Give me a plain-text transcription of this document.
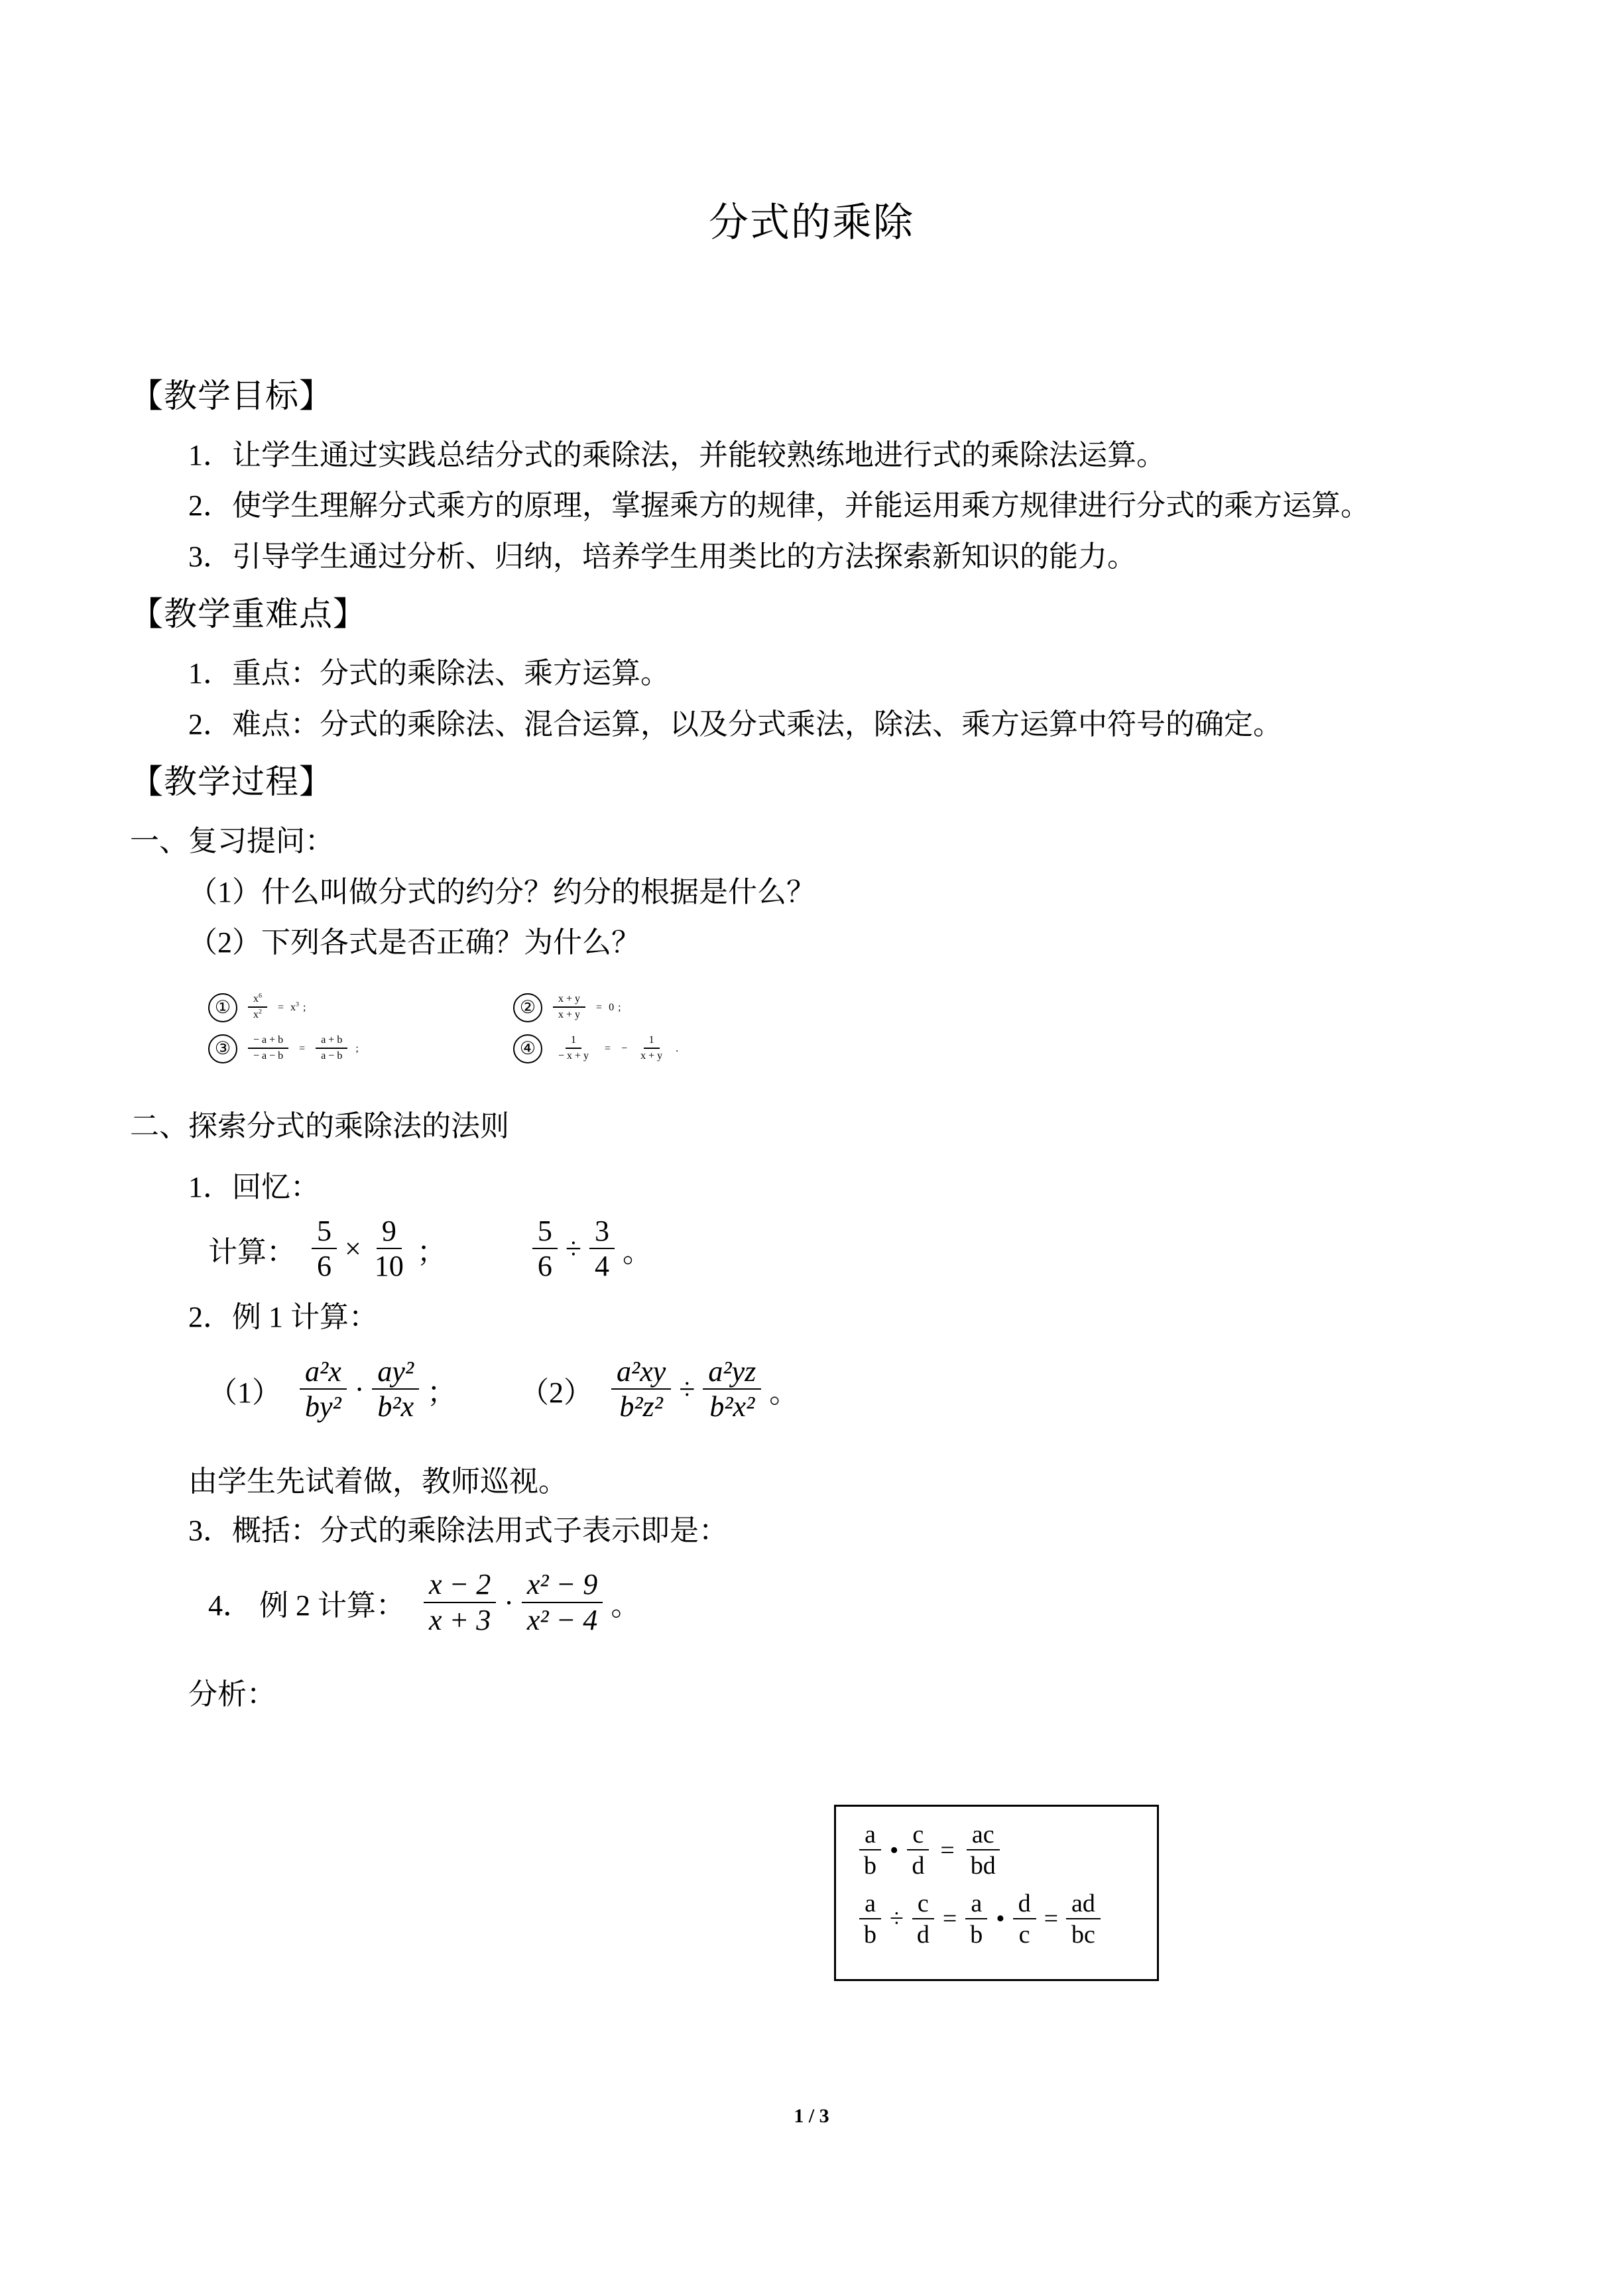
分式的乘除
【教学目标】
1．让学生通过实践总结分式的乘除法，并能较熟练地进行式的乘除法运算。
2．使学生理解分式乘方的原理，掌握乘方的规律，并能运用乘方规律进行分式的乘方运算。
3．引导学生通过分析、归纳，培养学生用类比的方法探索新知识的能力。
【教学重难点】
1．重点：分式的乘除法、乘方运算。
2．难点：分式的乘除法、混合运算，以及分式乘法，除法、乘方运算中符号的确定。
【教学过程】
一、复习提问：
（1）什么叫做分式的约分？约分的根据是什么？
（2）下列各式是否正确？为什么？
①	$\frac{x^6}{x^2}$	= $x^3$ ;	②	$\frac{x + y}{x + y}$	= 0 ;
③	$\frac{- a + b}{- a - b}$	=	$\frac{a + b}{a - b}$ ;	④	$\frac{1}{- x + y}$	=	− $\frac{1}{x + y}$ .
二、探索分式的乘除法的法则
1．回忆：
计算： $\frac{5}{6} \times \frac{9}{10}$ ；	$\frac{5}{6} \div \frac{3}{4}$ 。
2．例 1 计算：
$(1) \frac{\text{a²x}}{\text{by²}} \cdot \frac{\text{ay²}}{\text{b²x}}$ ； $(2) \frac{\text{a²xy}}{\text{b²z²}} \div \frac{\text{a²yz}}{\text{b²x²}}$ 。
由学生先试着做，教师巡视。
3．概括：分式的乘除法用式子表示即是：
4． 例 2 计算： $\frac{x - 2}{x + 3} \cdot \frac{\text{x² − 9}}{\text{x² − 4}}$ 。
分析：
$\frac{a}{b}$ • $\frac{c}{d} = \frac{ac}{bd}$
$\frac{a}{b} \div \frac{c}{d} = \frac{a}{b}$ • $\frac{d}{c} = \frac{ad}{bc}$
1 / 3
